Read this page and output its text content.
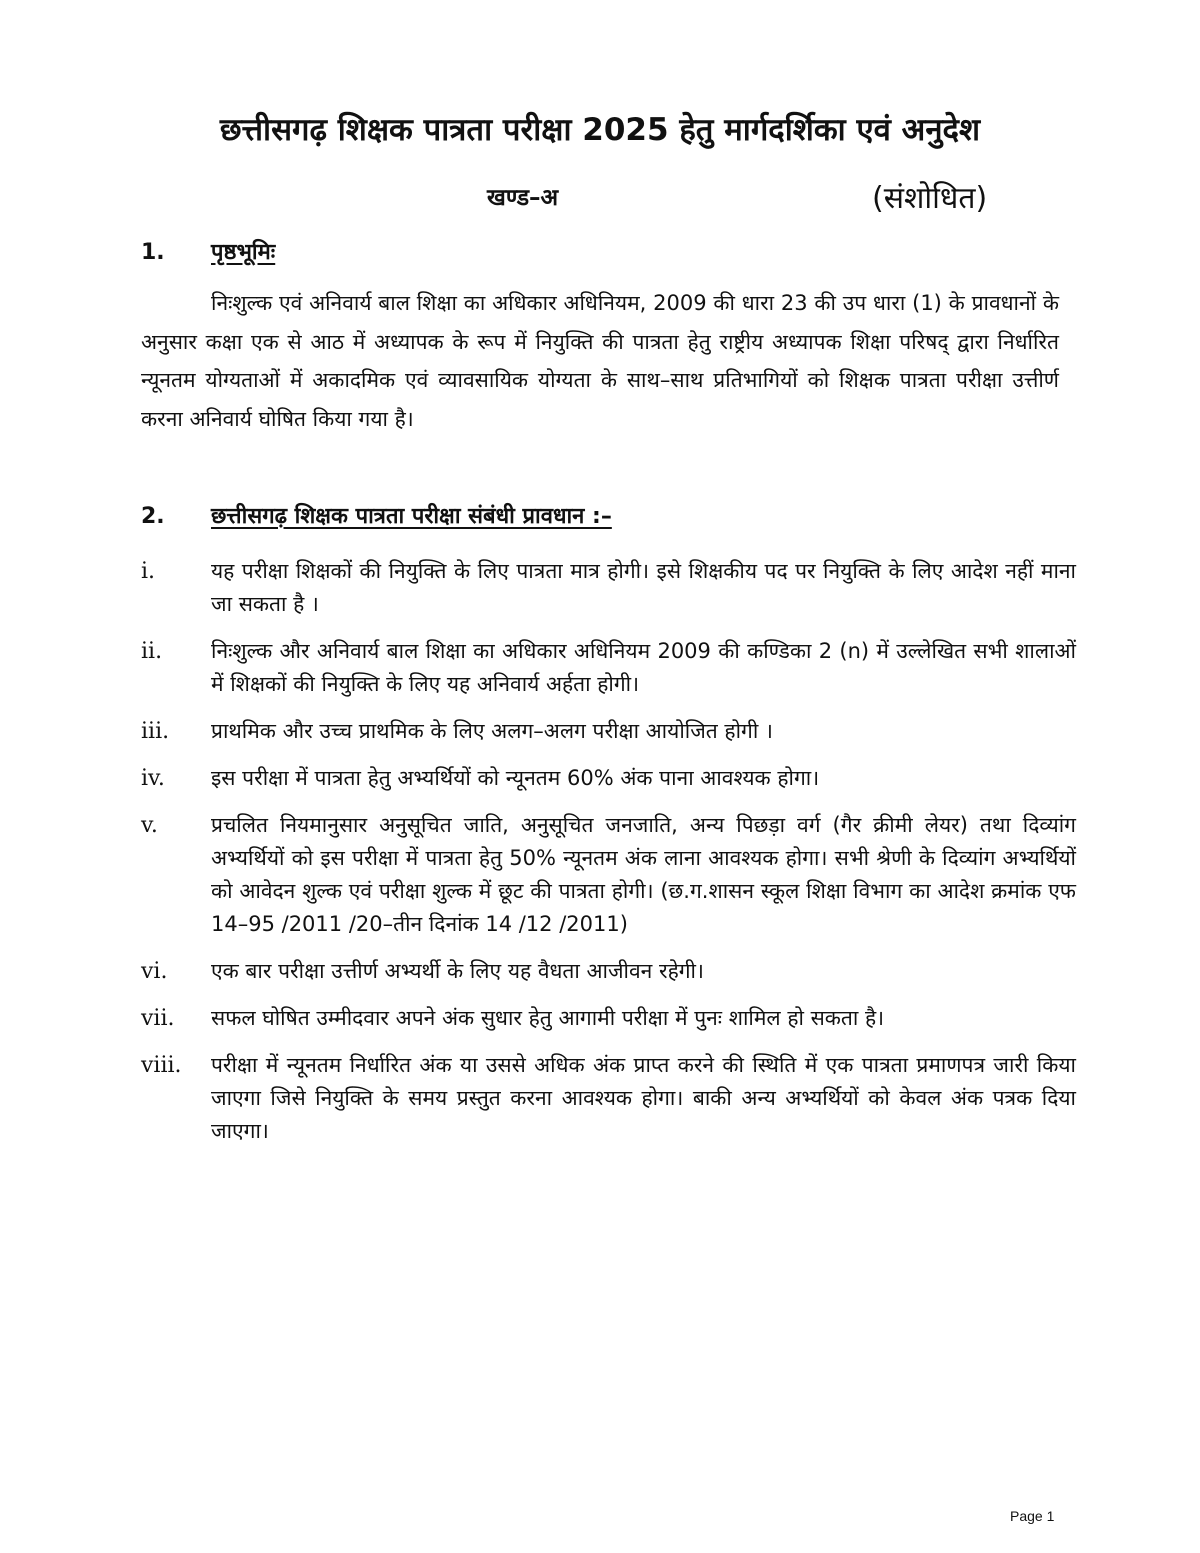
छत्तीसगढ़ शिक्षक पात्रता परीक्षा 2025 हेतु मार्गदर्शिका एवं अनुदेश
खण्ड–अ	(संशोधित)
1. पृष्ठभूमिः

निःशुल्क एवं अनिवार्य बाल शिक्षा का अधिकार अधिनियम, 2009 की धारा 23 की उप धारा (1) के प्रावधानों के अनुसार कक्षा एक से आठ में अध्यापक के रूप में नियुक्ति की पात्रता हेतु राष्ट्रीय अध्यापक शिक्षा परिषद् द्वारा निर्धारित न्यूनतम योग्यताओं में अकादमिक एवं व्यावसायिक योग्यता के साथ–साथ प्रतिभागियों को शिक्षक पात्रता परीक्षा उत्तीर्ण करना अनिवार्य घोषित किया गया है।

2. छत्तीसगढ़ शिक्षक पात्रता परीक्षा संबंधी प्रावधान :–
i.	यह परीक्षा शिक्षकों की नियुक्ति के लिए पात्रता मात्र होगी। इसे शिक्षकीय पद पर नियुक्ति के लिए आदेश नहीं माना जा सकता है ।
ii. निःशुल्क और अनिवार्य बाल शिक्षा का अधिकार अधिनियम 2009 की कण्डिका 2 (n) में उल्लेखित सभी शालाओं में शिक्षकों की नियुक्ति के लिए यह अनिवार्य अर्हता होगी।
iii. प्राथमिक और उच्च प्राथमिक के लिए अलग–अलग परीक्षा आयोजित होगी ।
iv. इस परीक्षा में पात्रता हेतु अभ्यर्थियों को न्यूनतम 60% अंक पाना आवश्यक होगा।
v.	प्रचलित नियमानुसार अनुसूचित जाति, अनुसूचित जनजाति, अन्य पिछड़ा वर्ग (गैर क्रीमी लेयर) तथा दिव्यांग अभ्यर्थियों को इस परीक्षा में पात्रता हेतु 50% न्यूनतम अंक लाना आवश्यक होगा। सभी श्रेणी के दिव्यांग अभ्यर्थियों को आवेदन शुल्क एवं परीक्षा शुल्क में छूट की पात्रता होगी। (छ.ग.शासन स्कूल शिक्षा विभाग का आदेश क्रमांक एफ 14–95 /2011 /20–तीन दिनांक 14 /12 /2011)
vi. एक बार परीक्षा उत्तीर्ण अभ्यर्थी के लिए यह वैधता आजीवन रहेगी।
vii. सफल घोषित उम्मीदवार अपने अंक सुधार हेतु आगामी परीक्षा में पुनः शामिल हो सकता है।
viii. परीक्षा में न्यूनतम निर्धारित अंक या उससे अधिक अंक प्राप्त करने की स्थिति में एक पात्रता प्रमाणपत्र जारी किया जाएगा जिसे नियुक्ति के समय प्रस्तुत करना आवश्यक होगा। बाकी अन्य अभ्यर्थियों को केवल अंक पत्रक दिया जाएगा।
Page 1
